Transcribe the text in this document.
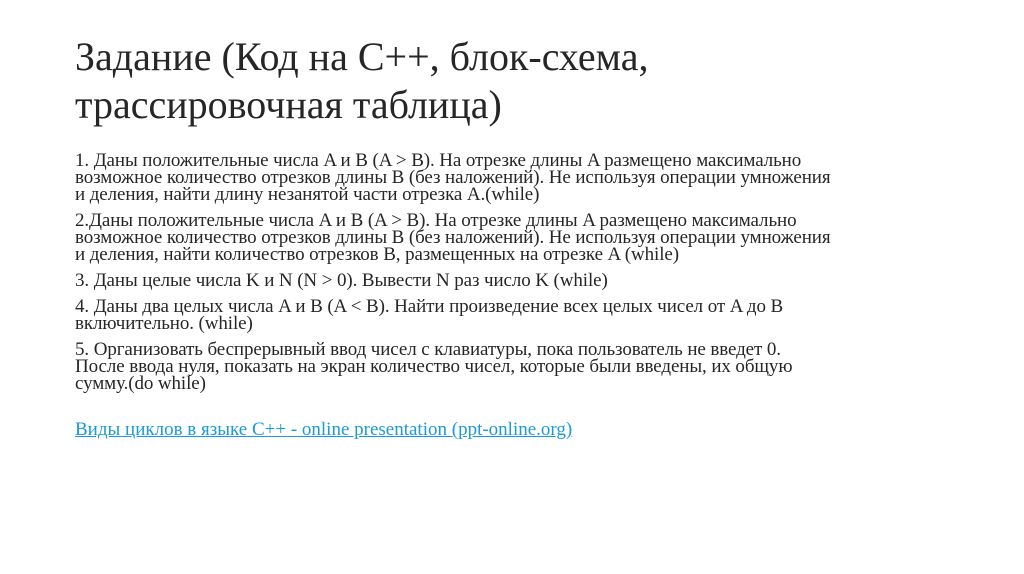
Задание (Код на С++, блок-схема,
трассировочная таблица)
1. Даны положительные числа A и B (A > B). На отрезке длины A размещено максимально
возможное количество отрезков длины B (без наложений). Не используя операции умножения
и деления, найти длину незанятой части отрезка A.(while)
2.Даны положительные числа A и B (A > B). На отрезке длины A размещено максимально
возможное количество отрезков длины B (без наложений). Не используя операции умножения
и деления, найти количество отрезков B, размещенных на отрезке A (while)
3. Даны целые числа K и N (N > 0). Вывести N раз число K (while)
4. Даны два целых числа A и B (A < B). Найти произведение всех целых чисел от A до B
включительно. (while)
5. Организовать беспрерывный ввод чисел с клавиатуры, пока пользователь не введет 0.
После ввода нуля, показать на экран количество чисел, которые были введены, их общую
сумму.(do while)
Виды циклов в языке C++ - online presentation (ppt-online.org)
